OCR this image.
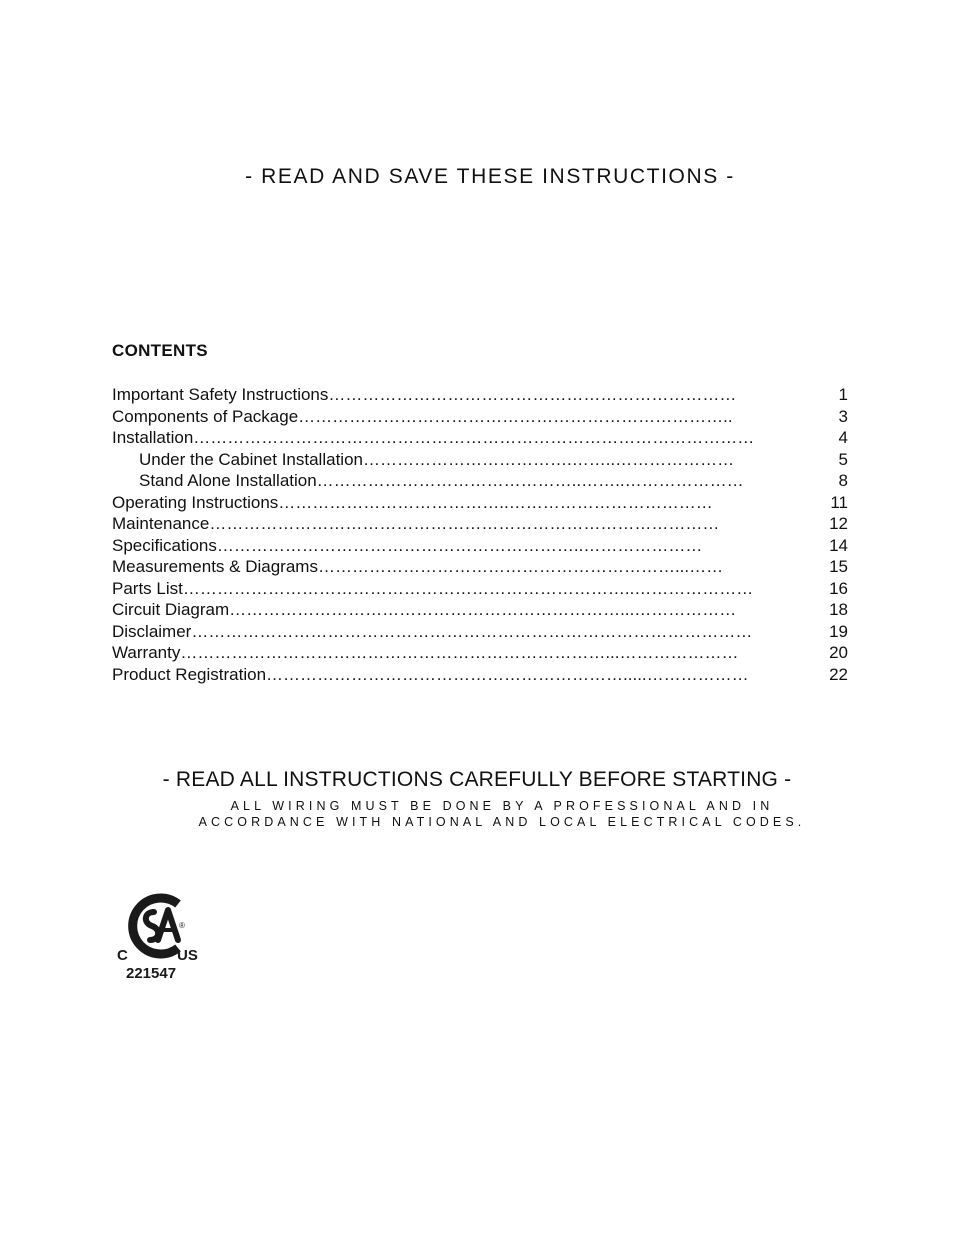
- READ AND SAVE THESE INSTRUCTIONS -
CONTENTS
Important Safety Instructions………………………………………………………………	1
Components of Package…………………………………………………………………..	3
Installation………………………………………………………………………………………	4
Under the Cabinet Installation……………………………….……..…………………	5
Stand Alone Installation………………………………………..……..…………………	8
Operating Instructions…………………………………..………………………………	11
Maintenance………………………………………………………………………………	12
Specifications………………………………………………………..…………………	14
Measurements & Diagrams………………………………………………………...……	15
Parts List……………………………………………………………………..…………………	16
Circuit Diagram……………………………………………………………...………………	18
Disclaimer………………………………………………………………………………………	19
Warranty…………………………………………………………………...…………………	20
Product Registration……………………………………………………….....………………	22
- READ ALL INSTRUCTIONS CAREFULLY BEFORE STARTING -
ALL WIRING MUST BE DONE BY A PROFESSIONAL AND IN
ACCORDANCE WITH NATIONAL AND LOCAL ELECTRICAL CODES.
®
C	US
221547
